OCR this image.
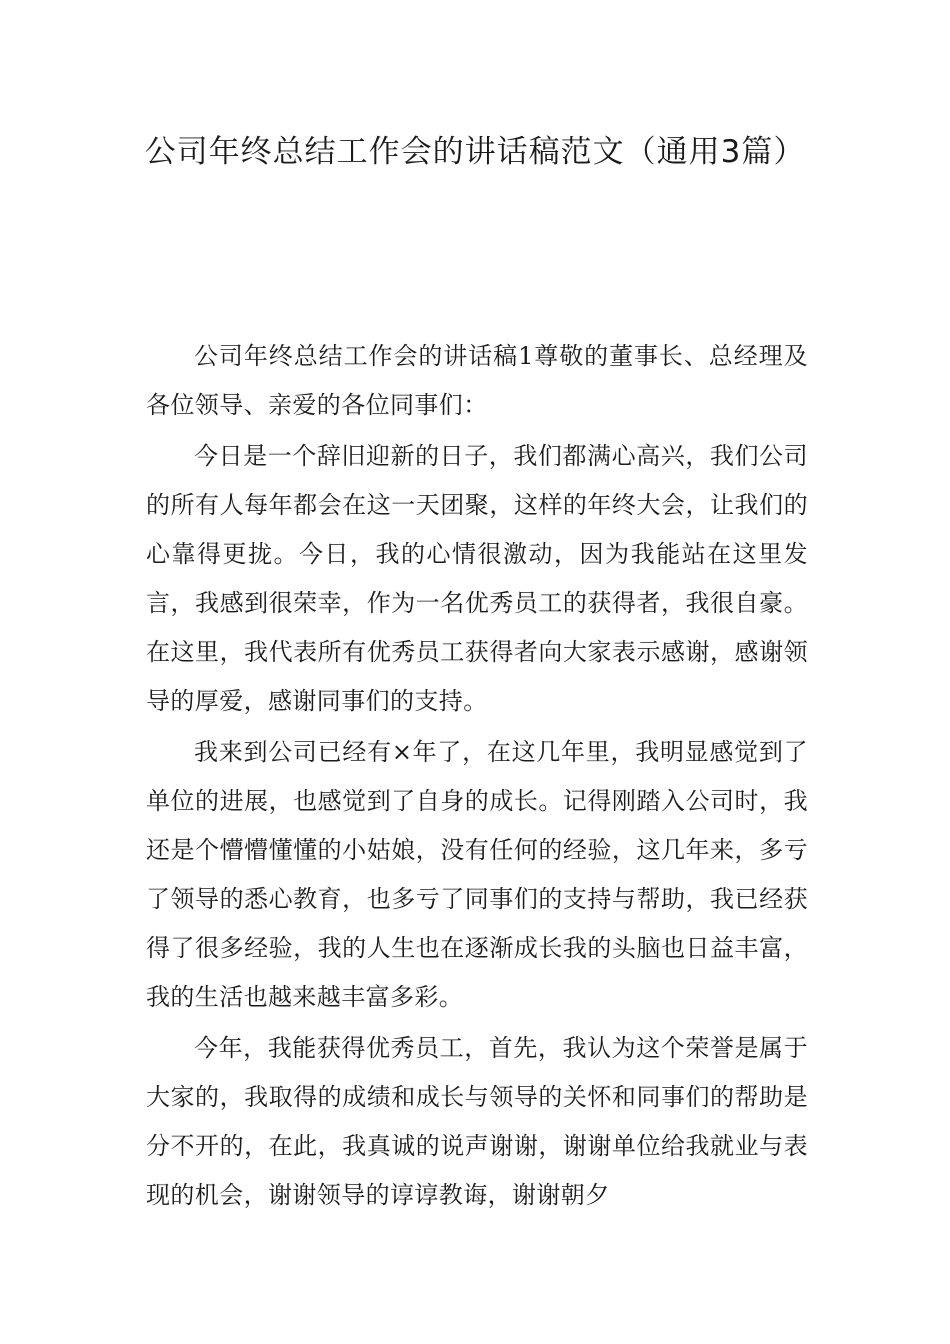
公司年终总结工作会的讲话稿范文（通用3篇）

公司年终总结工作会的讲话稿1尊敬的董事长、总经理及各位领导、亲爱的各位同事们：

今日是一个辞旧迎新的日子，我们都满心高兴，我们公司的所有人每年都会在这一天团聚，这样的年终大会，让我们的心靠得更拢。今日，我的心情很激动，因为我能站在这里发言，我感到很荣幸，作为一名优秀员工的获得者，我很自豪。在这里，我代表所有优秀员工获得者向大家表示感谢，感谢领导的厚爱，感谢同事们的支持。

我来到公司已经有×年了，在这几年里，我明显感觉到了单位的进展，也感觉到了自身的成长。记得刚踏入公司时，我还是个懵懵懂懂的小姑娘，没有任何的经验，这几年来，多亏了领导的悉心教育，也多亏了同事们的支持与帮助，我已经获得了很多经验，我的人生也在逐渐成长我的头脑也日益丰富，我的生活也越来越丰富多彩。

今年，我能获得优秀员工，首先，我认为这个荣誉是属于大家的，我取得的成绩和成长与领导的关怀和同事们的帮助是分不开的，在此，我真诚的说声谢谢，谢谢单位给我就业与表现的机会，谢谢领导的谆谆教诲，谢谢朝夕
